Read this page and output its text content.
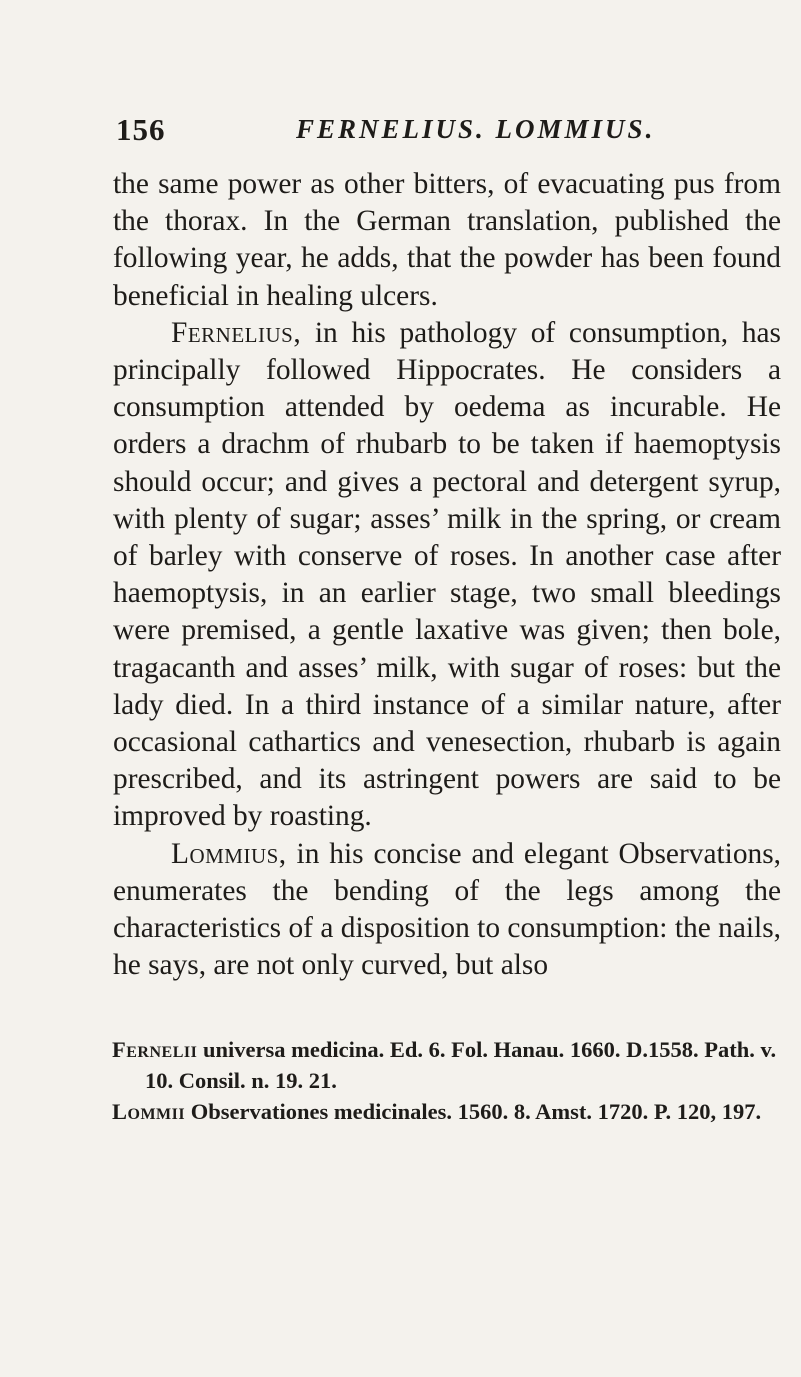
156	FERNELIUS. LOMMIUS.

the same power as other bitters, of evacuating pus from the thorax. In the German translation, published the following year, he adds, that the powder has been found beneficial in healing ulcers.

Fernelius, in his pathology of consumption, has principally followed Hippocrates. He considers a consumption attended by oedema as incurable. He orders a drachm of rhubarb to be taken if haemoptysis should occur; and gives a pectoral and detergent syrup, with plenty of sugar; asses’ milk in the spring, or cream of barley with conserve of roses. In another case after haemoptysis, in an earlier stage, two small bleedings were premised, a gentle laxative was given; then bole, tragacanth and asses’ milk, with sugar of roses: but the lady died. In a third instance of a similar nature, after occasional cathartics and venesection, rhubarb is again prescribed, and its astringent powers are said to be improved by roasting.

Lommius, in his concise and elegant Observations, enumerates the bending of the legs among the characteristics of a disposition to consumption: the nails, he says, are not only curved, but also

Fernelii universa medicina. Ed. 6. Fol. Hanau. 1660. D.1558. Path. v. 10. Consil. n. 19. 21.
Lommii Observationes medicinales. 1560. 8. Amst. 1720. P. 120, 197.
